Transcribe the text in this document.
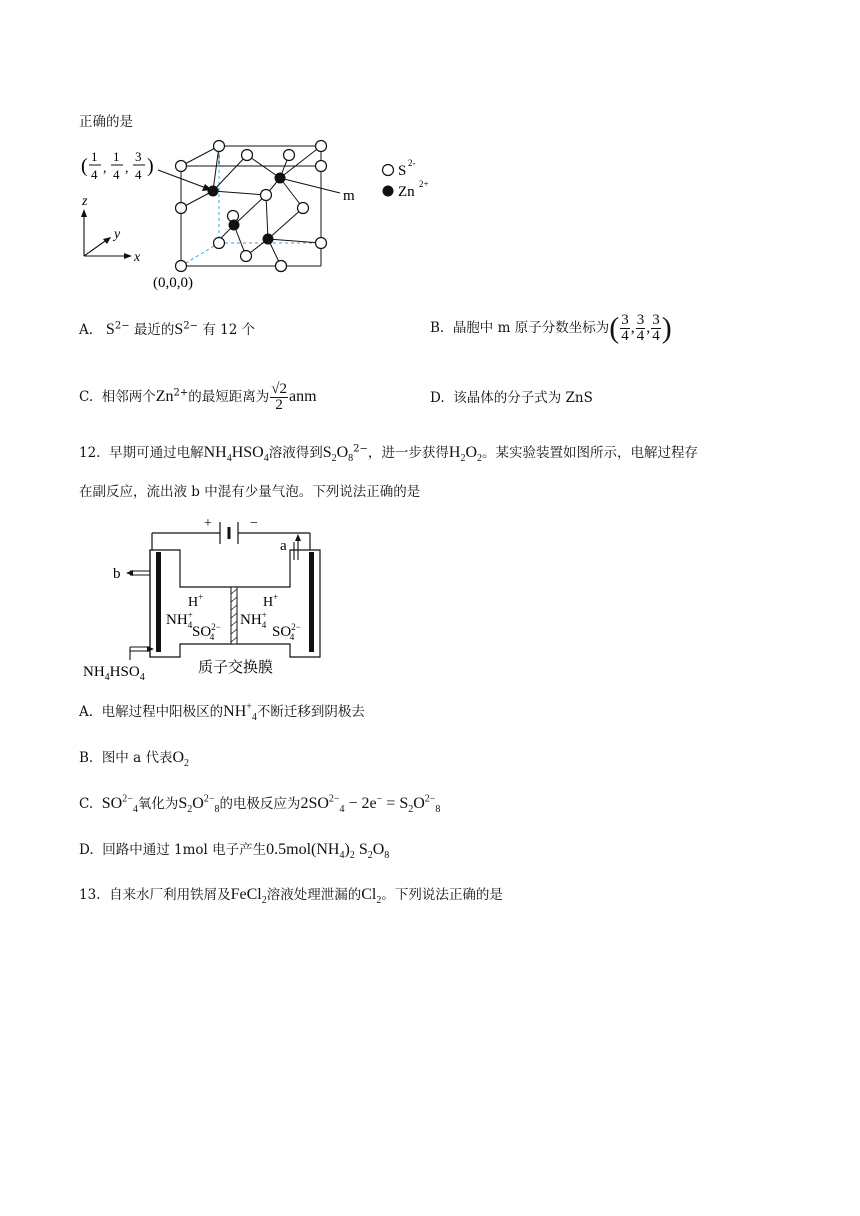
正确的是
( 1
4 ,
1
4 ,
3
4 )
m
z
y
x
(0,0,0)
S 2-
Zn 2+
A. $S^{2-}$ 最近的$S^{2-}$ 有 12 个	B. 晶胞中 m 原子分数坐标为( $\frac{3}{4}$ , $\frac{3}{4}$ , $\frac{3}{4}$ )
C. 相邻两个$Zn^{2+}$的最短距离为 $\frac{√2}{2}$ anm	D. 该晶体的分子式为 ZnS
12. 早期可通过电解$NH_4HSO_4$溶液得到$S_2O_8^{2-}$，进一步获得$H_2O_2$。某实验装置如图所示，电解过程存
在副反应，流出液 b 中混有少量气泡。下列说法正确的是
+	−
a
b
$NH_4HSO_4$
H+
NH+ 4 $SO^{2-}$ 4
H+
NH+ 4 $SO^{2-}$ 4
质子交换膜
A. 电解过程中阳极区的$NH^+_4$不断迁移到阴极去
B. 图中 a 代表$O_2$
C. $SO^{2-}_4$氧化为$S_2O^{2-}_8$的电极反应为$2SO^{2-}_4 - 2e^- = S_2O^{2-}_8$
D. 回路中通过 1mol 电子产生$0.5mol(NH_4)_2$ $S_2O_8$
13. 自来水厂利用铁屑及FeCl$_2$溶液处理泄漏的$Cl_2$。下列说法正确的是
